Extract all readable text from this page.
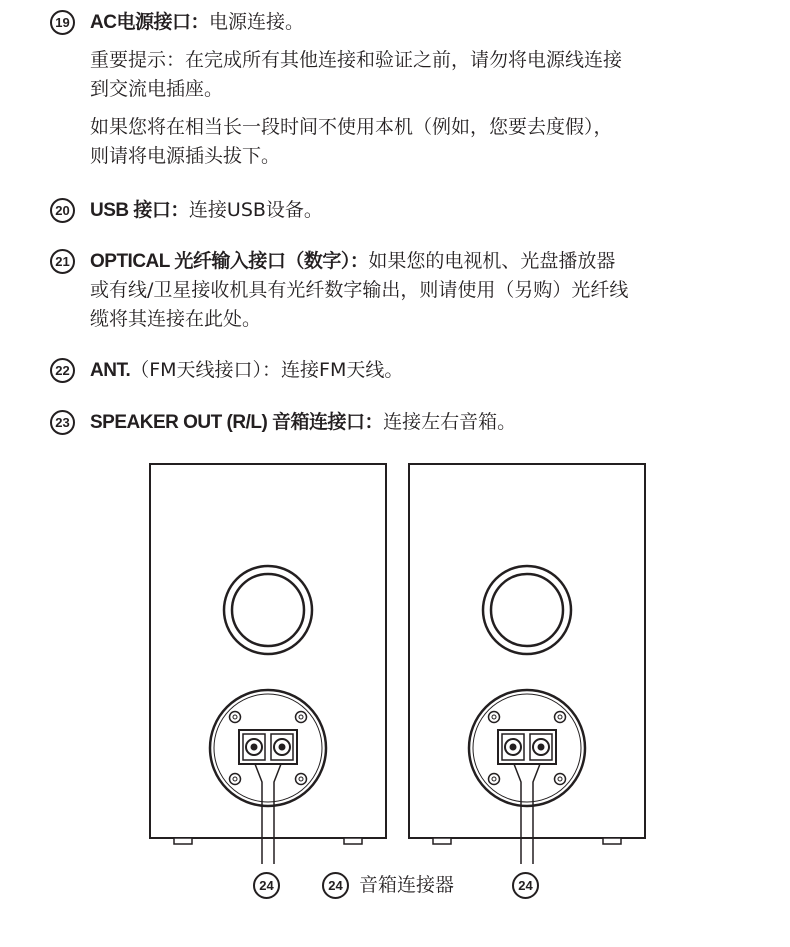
19 AC电源接口：电源连接。
重要提示：在完成所有其他连接和验证之前，请勿将电源线连接
到交流电插座。
如果您将在相当长一段时间不使用本机（例如，您要去度假），
则请将电源插头拔下。
20 USB 接口：连接USB设备。
21 OPTICAL 光纤输入接口（数字）：如果您的电视机、光盘播放器
或有线/卫星接收机具有光纤数字输出，则请使用（另购）光纤线
缆将其连接在此处。
22 ANT.（FM天线接口）：连接FM天线。
23 SPEAKER OUT (R/L) 音箱连接口：连接左右音箱。
24	24
24 音箱连接器
